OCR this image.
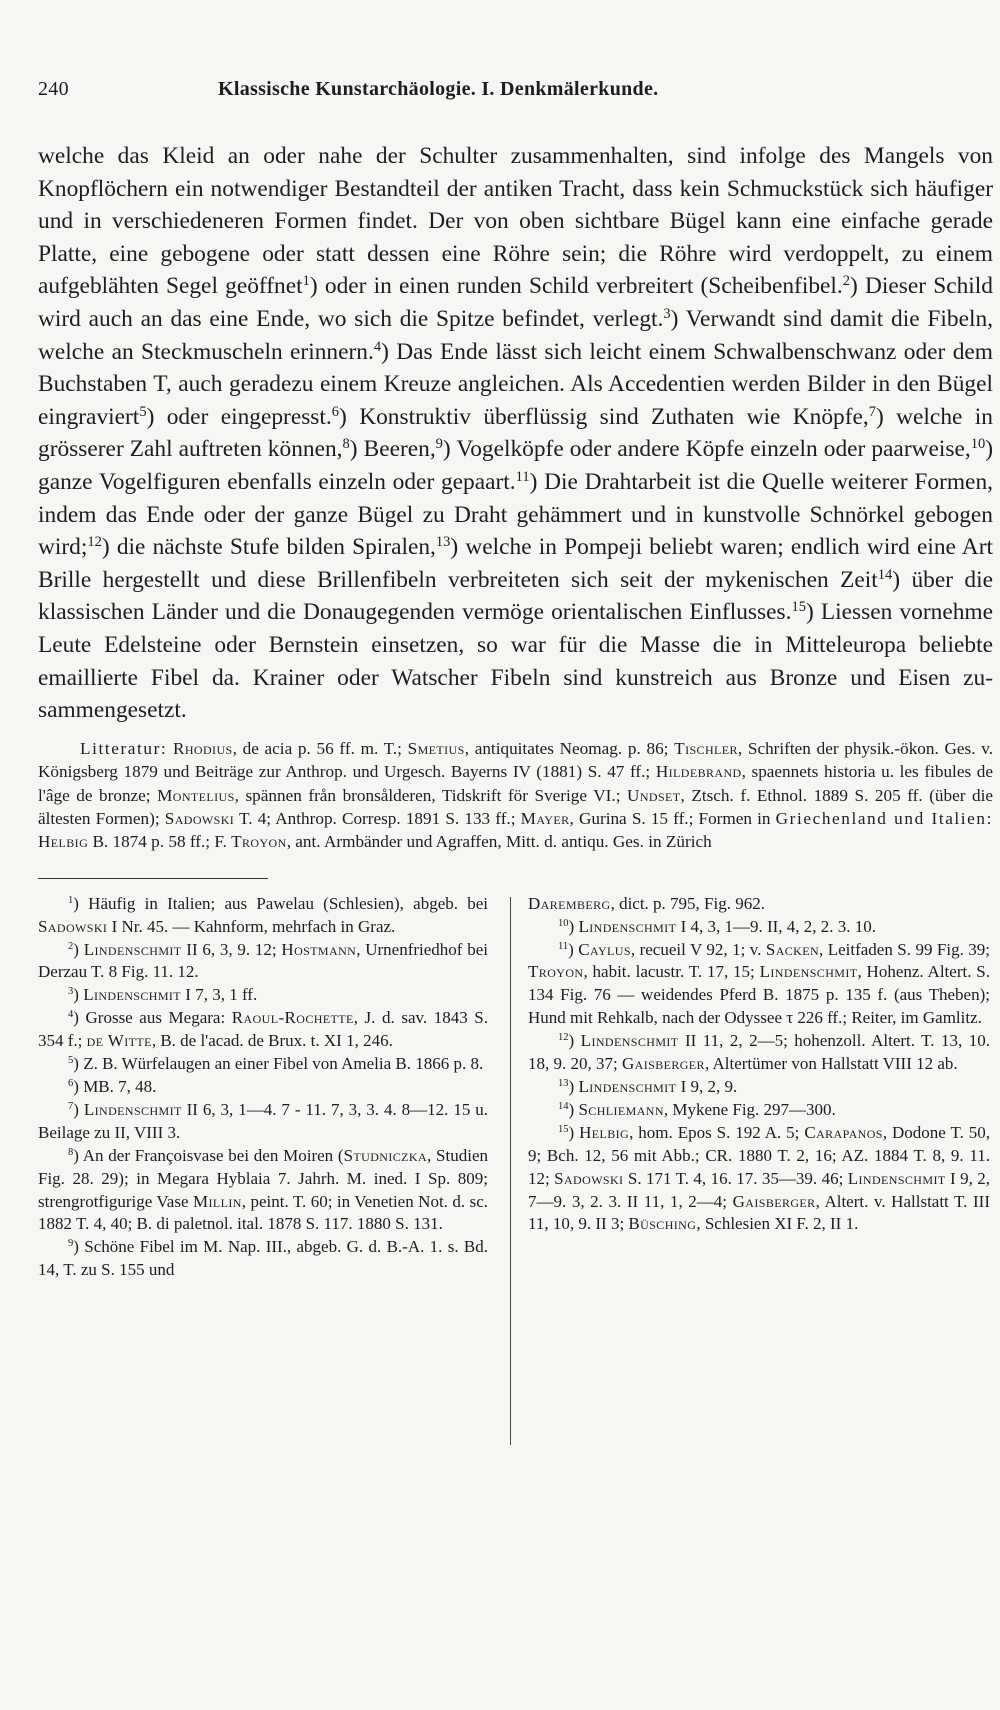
240	Klassische Kunstarchäologie. I. Denkmälerkunde.

welche das Kleid an oder nahe der Schulter zusammenhalten, sind infolge des Mangels von Knopflöchern ein notwendiger Bestandteil der antiken Tracht, dass kein Schmuckstück sich häufiger und in verschiedeneren Formen findet. Der von oben sichtbare Bügel kann eine einfache gerade Platte, eine gebogene oder statt dessen eine Röhre sein; die Röhre wird verdoppelt, zu einem aufgeblähten Segel geöffnet$^1$) oder in einen runden Schild verbreitert (Scheibenfibel.$^2$) Dieser Schild wird auch an das eine Ende, wo sich die Spitze befindet, verlegt.$^3$) Verwandt sind damit die Fibeln, welche an Steckmuscheln erinnern.$^4$) Das Ende lässt sich leicht einem Schwalbenschwanz oder dem Buchstaben T, auch geradezu einem Kreuze angleichen. Als Accedentien werden Bilder in den Bügel eingraviert$^5$) oder eingepresst.$^6$) Konstruktiv überflüssig sind Zuthaten wie Knöpfe,$^7$) welche in grösserer Zahl auftreten können,$^8$) Beeren,$^9$) Vogelköpfe oder andere Köpfe einzeln oder paarweise,$^{10}$) ganze Vogelfiguren ebenfalls einzeln oder gepaart.$^{11}$) Die Drahtarbeit ist die Quelle weiterer Formen, indem das Ende oder der ganze Bügel zu Draht gehämmert und in kunstvolle Schnörkel gebogen wird;$^{12}$) die nächste Stufe bilden Spiralen,$^{13}$) welche in Pompeji beliebt waren; endlich wird eine Art Brille hergestellt und diese Brillenfibeln verbreiteten sich seit der mykenischen Zeit$^{14}$) über die klassischen Länder und die Donaugegenden vermöge orientalischen Einflusses.$^{15}$) Liessen vornehme Leute Edelsteine oder Bernstein einsetzen, so war für die Masse die in Mitteleuropa beliebte emaillierte Fibel da. Krainer oder Watscher Fibeln sind kunstreich aus Bronze und Eisen zusammengesetzt.

Litteratur: Rhodius, de acia p. 56 ff. m. T.; Smetius, antiquitates Neomag. p. 86; Tischler, Schriften der physik.-ökon. Ges. v. Königsberg 1879 und Beiträge zur Anthrop. und Urgesch. Bayerns IV (1881) S. 47 ff.; Hildebrand, spaennets historia u. les fibules de l'âge de bronze; Montelius, spännen från bronsålderen, Tidskrift för Sverige VI.; Undset, Ztsch. f. Ethnol. 1889 S. 205 ff. (über die ältesten Formen); Sadowski T. 4; Anthrop. Corresp. 1891 S. 133 ff.; Mayer, Gurina S. 15 ff.; Formen in Griechenland und Italien: Helbig B. 1874 p. 58 ff.; F. Troyon, ant. Armbänder und Agraffen, Mitt. d. antiqu. Ges. in Zürich

$^1$) Häufig in Italien; aus Pawelau (Schlesien), abgeb. bei Sadowski I Nr. 45. — Kahnform, mehrfach in Graz.

$^2$) Lindenschmit II 6, 3, 9. 12; Hostmann, Urnenfriedhof bei Derzau T. 8 Fig. 11. 12.

$^3$) Lindenschmit I 7, 3, 1 ff.

$^4$) Grosse aus Megara: Raoul-Rochette, J. d. sav. 1843 S. 354 f.; de Witte, B. de l'acad. de Brux. t. XI 1, 246.

$^5$) Z. B. Würfelaugen an einer Fibel von Amelia B. 1866 p. 8.

$^6$) MB. 7, 48.

$^7$) Lindenschmit II 6, 3, 1—4. 7 - 11. 7, 3, 3. 4. 8—12. 15 u. Beilage zu II, VIII 3.

$^8$) An der Françoisvase bei den Moiren (Studniczka, Studien Fig. 28. 29); in Megara Hyblaia 7. Jahrh. M. ined. I Sp. 809; strengrotfigurige Vase Millin, peint. T. 60; in Venetien Not. d. sc. 1882 T. 4, 40; B. di paletnol. ital. 1878 S. 117. 1880 S. 131.

$^9$) Schöne Fibel im M. Nap. III., abgeb. G. d. B.-A. 1. s. Bd. 14, T. zu S. 155 und

Daremberg, dict. p. 795, Fig. 962.

$^{10}$) Lindenschmit I 4, 3, 1—9. II, 4, 2, 2. 3. 10.

$^{11}$) Caylus, recueil V 92, 1; v. Sacken, Leitfaden S. 99 Fig. 39; Troyon, habit. lacustr. T. 17, 15; Lindenschmit, Hohenz. Altert. S. 134 Fig. 76 — weidendes Pferd B. 1875 p. 135 f. (aus Theben); Hund mit Rehkalb, nach der Odyssee τ 226 ff.; Reiter, im Gamlitz.

$^{12}$) Lindenschmit II 11, 2, 2—5; hohenzoll. Altert. T. 13, 10. 18, 9. 20, 37; Gaisberger, Altertümer von Hallstatt VIII 12 ab.

$^{13}$) Lindenschmit I 9, 2, 9.

$^{14}$) Schliemann, Mykene Fig. 297—300.

$^{15}$) Helbig, hom. Epos S. 192 A. 5; Carapanos, Dodone T. 50, 9; Bch. 12, 56 mit Abb.; CR. 1880 T. 2, 16; AZ. 1884 T. 8, 9. 11. 12; Sadowski S. 171 T. 4, 16. 17. 35—39. 46; Lindenschmit I 9, 2, 7—9. 3, 2. 3. II 11, 1, 2—4; Gaisberger, Altert. v. Hallstatt T. III 11, 10, 9. II 3; Büsching, Schlesien XI F. 2, II 1.
